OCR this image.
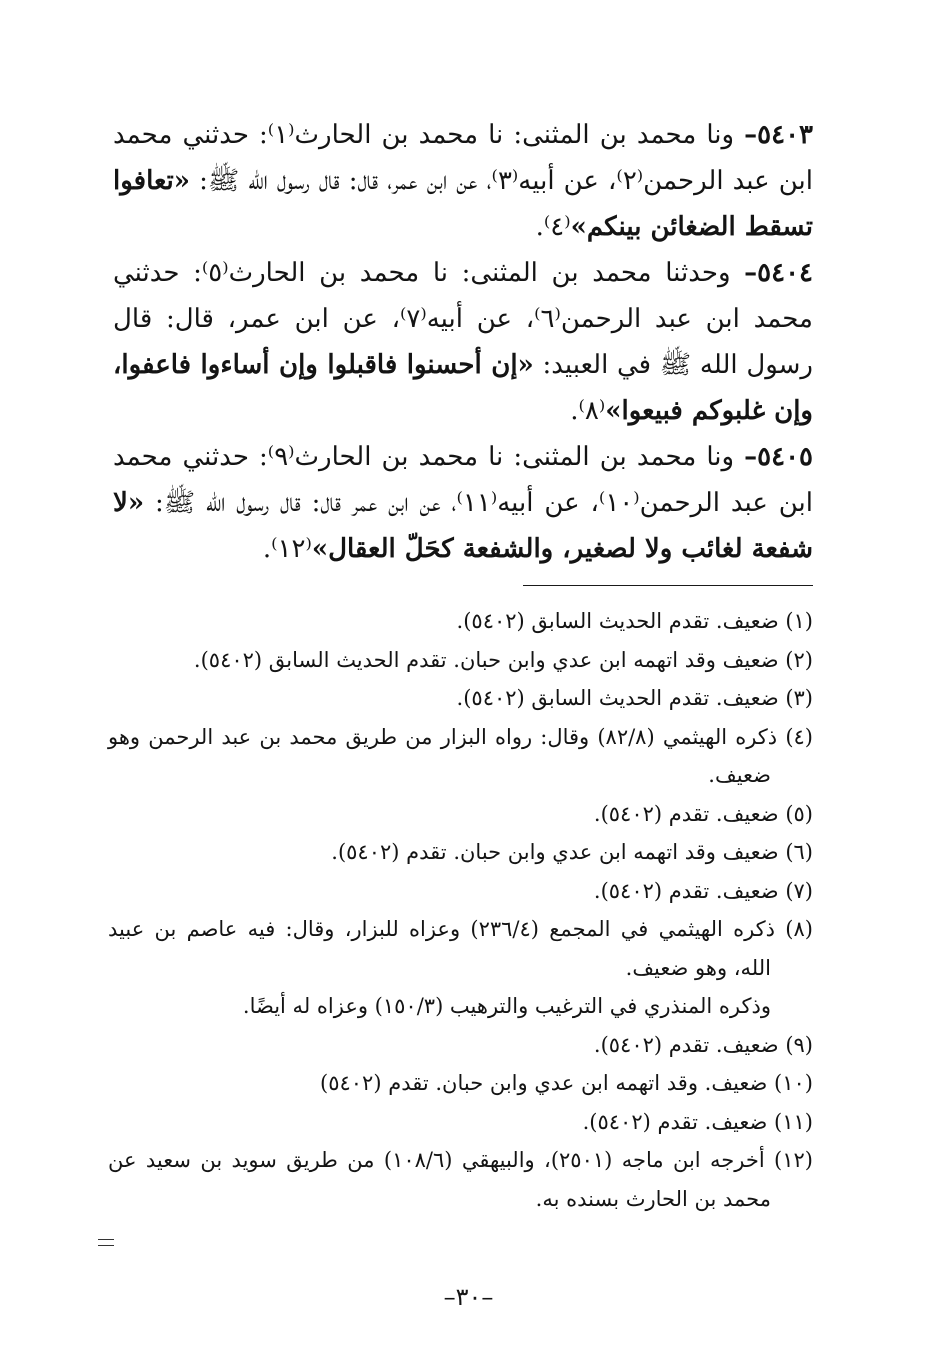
٥٤٠٣– ونا محمد بن المثنى: نا محمد بن الحارث⁽١⁾: حدثني محمد ابن عبد الرحمن⁽٢⁾، عن أبيه⁽٣⁾، عن ابن عمر، قال: قال رسول الله ﷺ: «تعافوا تسقط الضغائن بينكم»⁽٤⁾.

٥٤٠٤– وحدثنا محمد بن المثنى: نا محمد بن الحارث⁽٥⁾: حدثني محمد ابن عبد الرحمن⁽٦⁾، عن أبيه⁽٧⁾، عن ابن عمر، قال: قال رسول الله ﷺ في العبيد: «إن أحسنوا فاقبلوا وإن أساءوا فاعفوا، وإن غلبوكم فبيعوا»⁽٨⁾.

٥٤٠٥– ونا محمد بن المثنى: نا محمد بن الحارث⁽٩⁾: حدثني محمد ابن عبد الرحمن⁽١٠⁾، عن أبيه⁽١١⁾، عن ابن عمر قال: قال رسول الله ﷺ: «لا شفعة لغائب ولا لصغير، والشفعة كحَلّ العقال»⁽١٢⁾.

(١) ضعيف. تقدم الحديث السابق (٥٤٠٢).

(٢) ضعيف وقد اتهمه ابن عدي وابن حبان. تقدم الحديث السابق (٥٤٠٢).

(٣) ضعيف. تقدم الحديث السابق (٥٤٠٢).

(٤) ذكره الهيثمي (٨٢/٨) وقال: رواه البزار من طريق محمد بن عبد الرحمن وهو ضعيف.

(٥) ضعيف. تقدم (٥٤٠٢).

(٦) ضعيف وقد اتهمه ابن عدي وابن حبان. تقدم (٥٤٠٢).

(٧) ضعيف. تقدم (٥٤٠٢).

(٨) ذكره الهيثمي في المجمع (٢٣٦/٤) وعزاه للبزار، وقال: فيه عاصم بن عبيد الله، وهو ضعيف.

وذكره المنذري في الترغيب والترهيب (١٥٠/٣) وعزاه له أيضًا.

(٩) ضعيف. تقدم (٥٤٠٢).

(١٠) ضعيف. وقد اتهمه ابن عدي وابن حبان. تقدم (٥٤٠٢)

(١١) ضعيف. تقدم (٥٤٠٢).

(١٢) أخرجه ابن ماجه (٢٥٠١)، والبيهقي (١٠٨/٦) من طريق سويد بن سعيد عن محمد بن الحارث بسنده به.

–٣٠–
